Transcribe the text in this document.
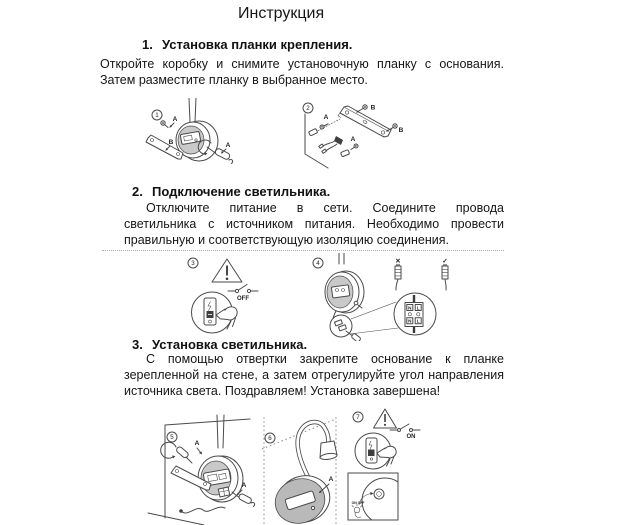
Инструкция
1. Установка планки крепления.
Откройте коробку и снимите установочную планку с основания.
Затем разместите планку в выбранное место.
1
A
B	A
2	B
B
A
A
2. Подключение светильника.
Отключите питание в сети. Соедините провода
светильника с источником питания. Необходимо провести
правильную и соответствующую изоляцию соединения.
3
OFF
4
N L
N L
✕	✓
3. Установка светильника.
С помощью отвертки закрепите основание к планке
зерепленной на стене, а затем отрегулируйте угол направления
источника света. Поздравляем! Установка завершена!
5
A
A
6
A
7
ON
ON OFF
